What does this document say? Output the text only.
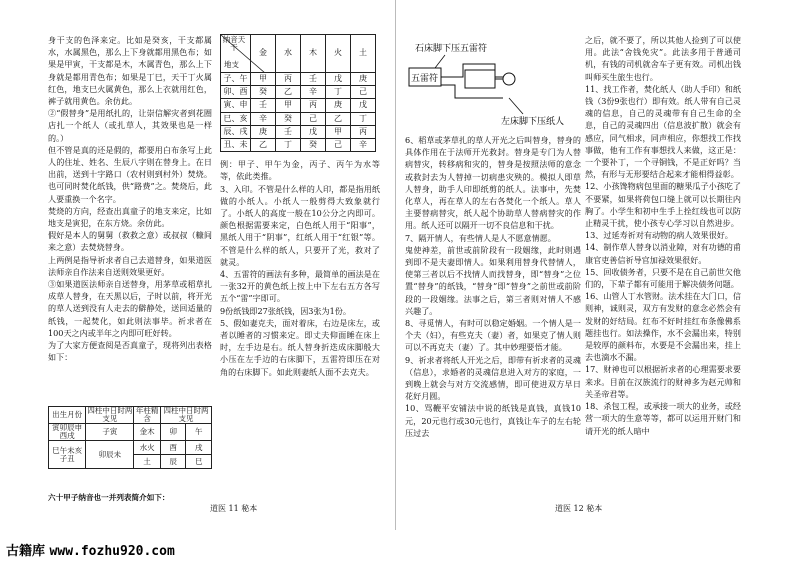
身干支的色泽来定。比如是癸亥，干支都属水，水属黑色，那么上下身就都用黑色布；如果是甲寅，干支都是木，木属青色，那么上下身就是都用青色布；如果是丁巳，天干丁火属红色，地支巳火属黄色，那么上衣就用红色，裤子就用黄色。余仿此。

②“假替身”是用纸扎的，让崇信解灾者到花圈店扎一个纸人（或扎草人，其效果也是一样的。）

但不管是真的还是假的，都要用白布条写上此人的住址、姓名、生辰八字则在替身上。在日出前，送到十字路口（农村则到村外）焚烧。也可同时焚化纸钱，供“路费”之。焚烧后，此人要重换一个名字。

焚烧的方向，经查出真童子的地支来定，比如地支是寅犯，在东方烧。余仿此。

假好是本人的舅舅（救救之意）或叔叔（糠间来之意）去焚烧替身。

上两例是指导祈求者自己去道替身，如果道医法师亲自作法来自送则效果更好。

③如果道医法师亲自送替身，用茅草或稻草扎成草人替身，在天黑以后，子时以前，将开光的草人送到没有人走去的僻静处，送回适量的纸钱，一起焚化，如此则法事毕。祈求者在100天之内或半年之内即可旺好转。

为了大家方便查阅是否真童子，现将列出表格如下：

出生月份	四柱中日时两支见	年柱精含	四柱中日时两支见	
寅卯辰申西戌	子寅	金木	卯	午
巳午未亥子丑	卯辰未	水火	酉	戌
		土	辰	巳
六十甲子纳音也一并列表简介如下：
纳音天干
地支	金	水	木	火	土
子、午	甲	丙	壬	戊	庚
卯、酉	癸	乙	辛	丁	己
寅、申	壬	甲	丙	庚	戊
巳、亥	辛	癸	己	乙	丁
辰、戌	庚	壬	戊	甲	丙
丑、未	乙	丁	癸	己	辛

例：甲子、甲午为金，丙子、丙午为水等等，依此类推。

3、入印。不管是什么样的人印，都是指用纸做的小纸人。小纸人一般剪得大致象就行了。小纸人的高度一般在10公分之内即可。颜色根据需要来定，白色纸人用于“阳事”，黑纸人用于“阴事”，红纸人用于“红银”等。不管是什么样的纸人，只要开了光，救对了就灵。

4、五雷符的画法有多种，最简单的画法是在一张32开的黄色纸上按上中下左右五方各写五个“雷”字即可。

9份纸钱即27张纸钱，因3张为1份。

5、假如妻克夫，面对着床，右边是床左，或者以睡者的习惯来定。即丈夫仰面睡在床上时，左手边是右。纸人替身折迭成床脚般大小压在左手边的右床脚下，五雷符即压在对角的右床脚下。如此则妻纸人面不去克夫。

道医 11 秘本

6、稻草或茅草扎的草人开光之后叫替身，替身的具体作用在于法师开光救封。替身是专门为人替病替灾，转移病和灾的，替身是按照法师的意念或救封去为人替掉一切病患灾殃的。模拟人即草人替身，助手人印即纸剪的纸人。法事中，先焚化草人，再在草人的左右各焚化一个纸人。草人主要替病替灾，纸人起个协助草人替病替灾的作用。纸人还可以隔开一切不良信息和干扰。

7、隔开情人，有些情人是人不愿意情愿。

鬼使神差，前世或前阶段有一段姻缘，此时则遇到即不是夫妻即情人。如果利用替身代替情人，使第三者以后不找情人而找替身，即“替身”之位置“替身”的纸钱，“替身”即“替身”之前世或前阶段的一段姻缘。法事之后，第三者则对情人不感兴趣了。

8、寻觅情人，有时可以稳定婚姻。一个情人是一个夫（妇），有些克夫（妻）者，如果克了情人则可以不再克夫（妻）了。其中妙理要悟才能。

9、祈求者将纸人开光之后，即带有祈求者的灵魂（信息），求婚者的灵魂信息进入对方的家庭，一到晚上就会与对方交流感情，即可使进双方早日花好月圆。

10、骂鞭平安铺法中说的纸钱是真钱，真钱10元，20元也行或30元也行，真钱让车子的左右轮压过去

之后，就不要了，所以其他人捡到了可以使用。此法“舍钱免灾”。此法多用于普通司机，有钱的司机就舍车子更有效。司机出钱叫师买生旅生也行。

11、找工作者，焚化纸人（助人手印）和纸钱（3份9张也行）即有效。纸人带有自己灵魂的信息，自己的灵魂带有自己生命的全息，自己的灵魂四出（信息波扩散）就会有感应，同气相求，同声相应，你想找工作找事做，他有工作有事想找人来做，这正是：一个要补丁，一个寻铜钱，不是正好吗？当然，有形与无形要结合起来才能相得益彰。

12、小孩馋物病包里面的糖果瓜子小孩吃了不要紧，如果将荷包口缝上就可以长期往内胸了。小学生和初中生手上拴红线也可以防止精灵干扰，使小孩专心学习以自然进步。

13、过延寿祈对有动物的病人效果很好。

14、制作草人替身以消业障，对有功德的甫康官吏善信祈导官加禄效果很好。

15、回收债务者，只要不是在自己前世欠他们的，下辈子都有可能用于解决债务问题。

16、山管人丁水管财。法术挂在大门口，信则神，诚则灵，双方有发财的意念必然会有发财的好结局。红布不好时挂红布条像佛系题挂也行。如法操作，水不会漏出来，特别是较厚的颜料布，水要是不会漏出来，挂上去也滴水不漏。

17、财神也可以根据祈求者的心理需要求要来求。目前在汉族流行的财神多为赵元帅和关圣帝君等。

18、杀包工程，或承接一项大的业务，或经营一项大的生意等等，都可以运用开财门和请开光的纸人暗中

道医 12 秘本
石床脚下压五雷符
五雷符
左床脚下压纸人
古籍库 www.fozhu920.com
